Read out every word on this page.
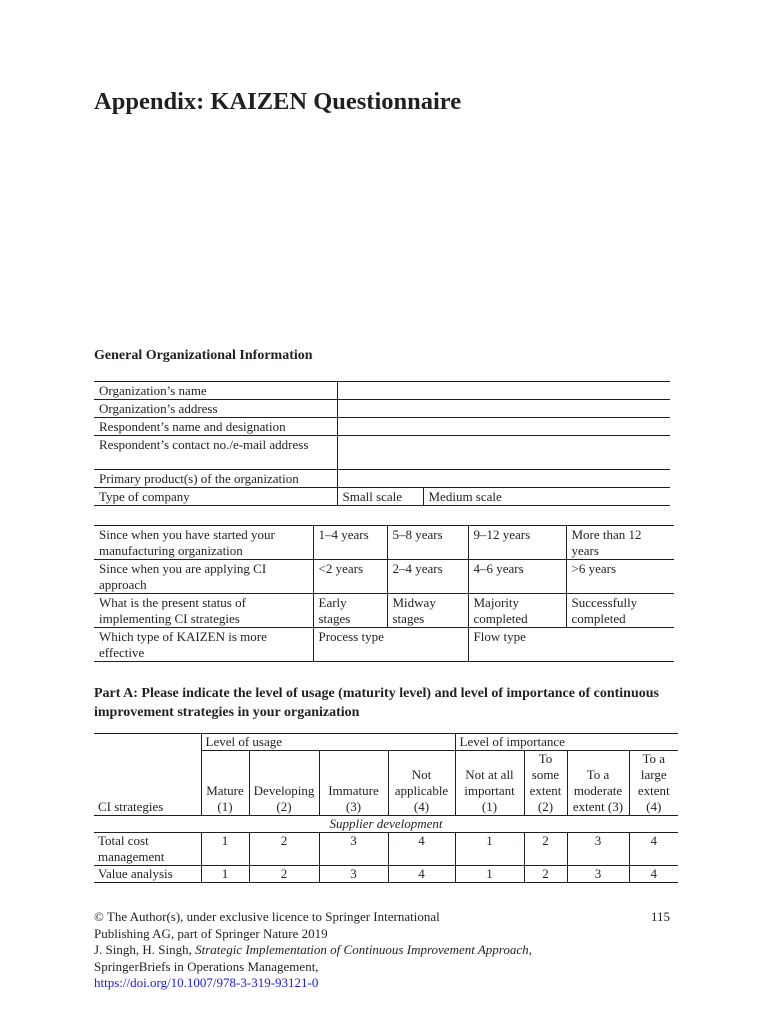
Appendix: KAIZEN Questionnaire
General Organizational Information
Organization’s name		
Organization’s address		
Respondent’s name and designation		
Respondent’s contact no./e-mail address		
Primary product(s) of the organization		
Type of company	Small scale	Medium scale
Since when you have started your manufacturing organization	1–4 years	5–8 years	9–12 years	More than 12 years
Since when you are applying CI approach	<2 years	2–4 years	4–6 years	>6 years
What is the present status of implementing CI strategies	Early stages	Midway stages	Majority completed	Successfully completed
Which type of KAIZEN is more effective	Process type		Flow type	
Part A: Please indicate the level of usage (maturity level) and level of importance of continuous improvement strategies in your organization
	Level of usage				Level of importance			
CI strategies	Mature (1)	Developing (2)	Immature (3)	Not applicable (4)	Not at all important (1)	To some extent (2)	To a moderate extent (3)	To a large extent (4)
Supplier development								
Total cost management	1	2	3	4	1	2	3	4
Value analysis	1	2	3	4	1	2	3	4
© The Author(s), under exclusive licence to Springer International
Publishing AG, part of Springer Nature 2019
J. Singh, H. Singh, Strategic Implementation of Continuous Improvement Approach, SpringerBriefs in Operations Management,
https://doi.org/10.1007/978-3-319-93121-0
115
